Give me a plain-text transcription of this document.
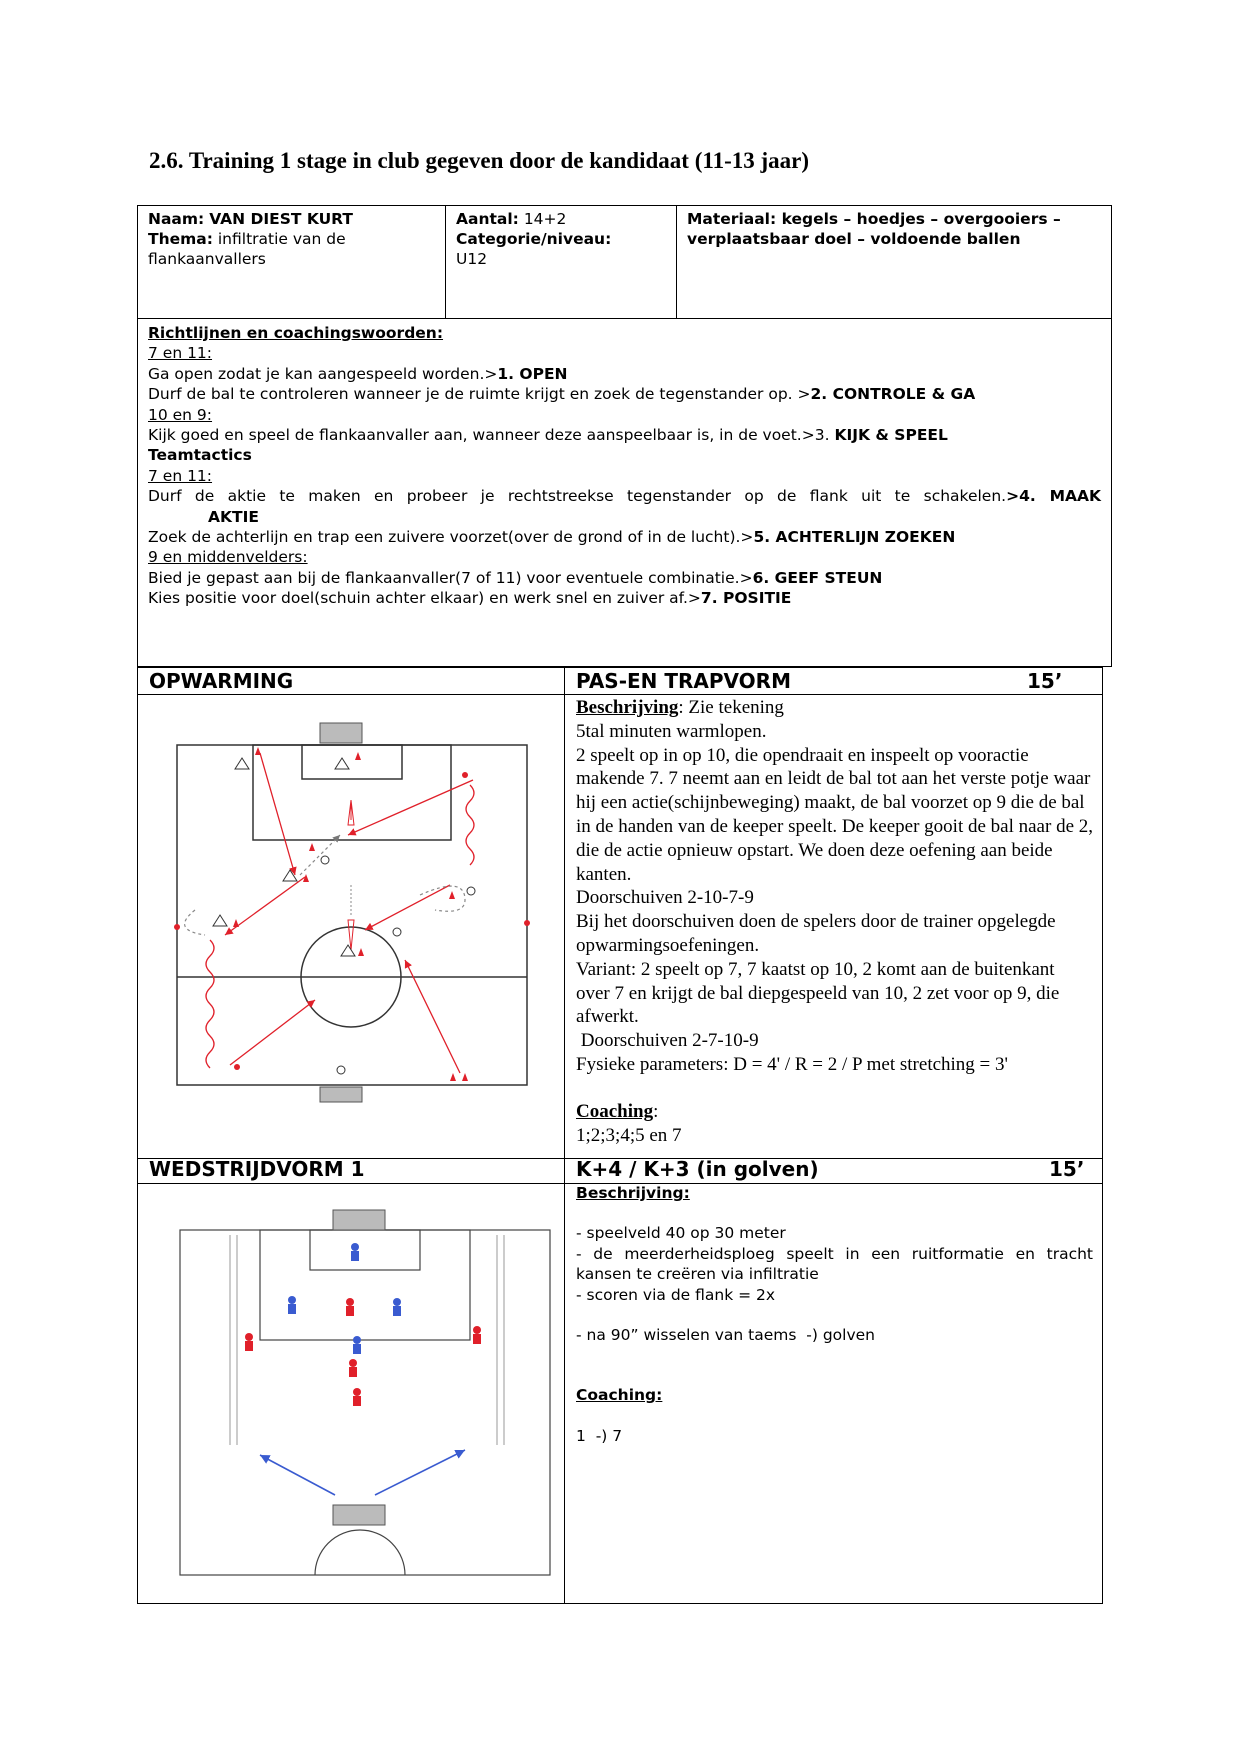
2.6. Training 1 stage in club gegeven door de kandidaat (11-13 jaar)

Naam: VAN DIEST KURT

Thema: infiltratie van de flankaanvallers

Aantal: 14+2

Categorie/niveau:

U12

Materiaal: kegels – hoedjes – overgooiers – verplaatsbaar doel – voldoende ballen

Richtlijnen en coachingswoorden:

7 en 11:

Ga open zodat je kan aangespeeld worden.>1. OPEN

Durf de bal te controleren wanneer je de ruimte krijgt en zoek de tegenstander op. >2. CONTROLE & GA

10 en 9:

Kijk goed en speel de flankaanvaller aan, wanneer deze aanspeelbaar is, in de voet.>3. KIJK & SPEEL

Teamtactics

7 en 11:

Durf de aktie te maken en probeer je rechtstreekse tegenstander op de flank uit te schakelen.>4. MAAK

AKTIE

Zoek de achterlijn en trap een zuivere voorzet(over de grond of in de lucht).>5. ACHTERLIJN ZOEKEN

9 en middenvelders:

Bied je gepast aan bij de flankaanvaller(7 of 11) voor eventuele combinatie.>6. GEEF STEUN

Kies positie voor doel(schuin achter elkaar) en werk snel en zuiver af.>7. POSITIE

OPWARMING	PAS-EN TRAPVORM	15’

Beschrijving: Zie tekening

5tal minuten warmlopen.

2 speelt op in op 10, die opendraait en inspeelt op vooractie makende 7. 7 neemt aan en leidt de bal tot aan het verste potje waar hij een actie(schijnbeweging) maakt, de bal voorzet op 9 die de bal in de handen van de keeper speelt. De keeper gooit de bal naar de 2, die de actie opnieuw opstart. We doen deze oefening aan beide kanten.

Doorschuiven 2-10-7-9

Bij het doorschuiven doen de spelers door de trainer opgelegde opwarmingsoefeningen.

Variant: 2 speelt op 7, 7 kaatst op 10, 2 komt aan de buitenkant over 7 en krijgt de bal diepgespeeld van 10, 2 zet voor op 9, die afwerkt.

Doorschuiven 2-7-10-9

Fysieke parameters: D = 4' / R = 2 / P met stretching = 3'

Coaching:

1;2;3;4;5 en 7

WEDSTRIJDVORM 1	K+4 / K+3 (in golven)	15’

Beschrijving:

- speelveld 40 op 30 meter

- de meerderheidsploeg speelt in een ruitformatie en tracht kansen te creëren via infiltratie

- scoren via de flank = 2x

- na 90” wisselen van taems  -) golven

Coaching:

1  -) 7
